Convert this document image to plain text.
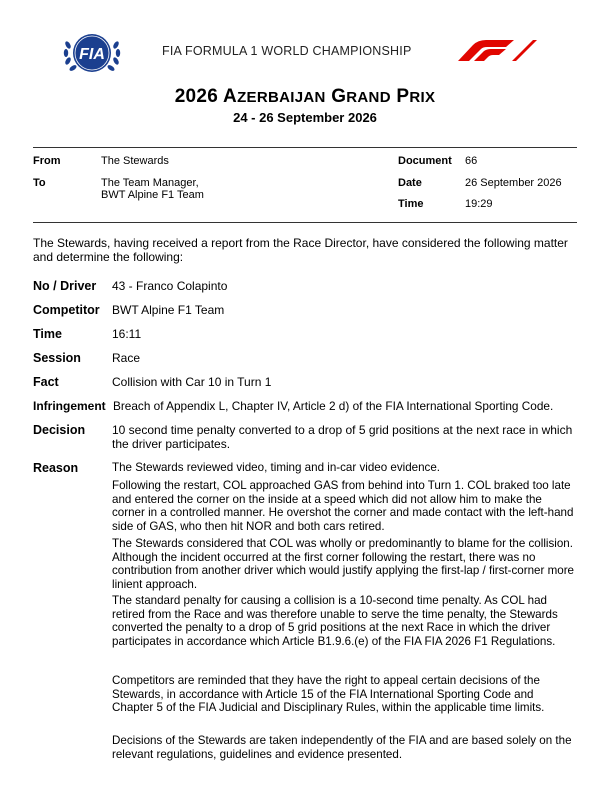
FIA	FIA FORMULA 1 WORLD CHAMPIONSHIP
2026 AZERBAIJAN GRAND PRIX
24 - 26 September 2026
From	The Stewards
To	The Team Manager,
BWT Alpine F1 Team
Document 66
Date	26 September 2026
Time	19:29
The Stewards, having received a report from the Race Director, have considered the following matter and determine the following:
No / Driver 43 - Franco Colapinto
Competitor BWT Alpine F1 Team
Time	16:11
Session	Race
Fact	Collision with Car 10 in Turn 1
Infringement Breach of Appendix L, Chapter IV, Article 2 d) of the FIA International Sporting Code.
Decision 10 second time penalty converted to a drop of 5 grid positions at the next race in which the driver participates.
Reason	The Stewards reviewed video, timing and in-car video evidence.
Following the restart, COL approached GAS from behind into Turn 1. COL braked too late and entered the corner on the inside at a speed which did not allow him to make the corner in a controlled manner. He overshot the corner and made contact with the left-hand side of GAS, who then hit NOR and both cars retired.
The Stewards considered that COL was wholly or predominantly to blame for the collision. Although the incident occurred at the first corner following the restart, there was no contribution from another driver which would justify applying the first-lap / first-corner more linient approach.
The standard penalty for causing a collision is a 10-second time penalty. As COL had retired from the Race and was therefore unable to serve the time penalty, the Stewards converted the penalty to a drop of 5 grid positions at the next Race in which the driver participates in accordance which Article B1.9.6.(e) of the FIA FIA 2026 F1 Regulations.
Competitors are reminded that they have the right to appeal certain decisions of the Stewards, in accordance with Article 15 of the FIA International Sporting Code and Chapter 5 of the FIA Judicial and Disciplinary Rules, within the applicable time limits.
Decisions of the Stewards are taken independently of the FIA and are based solely on the relevant regulations, guidelines and evidence presented.
